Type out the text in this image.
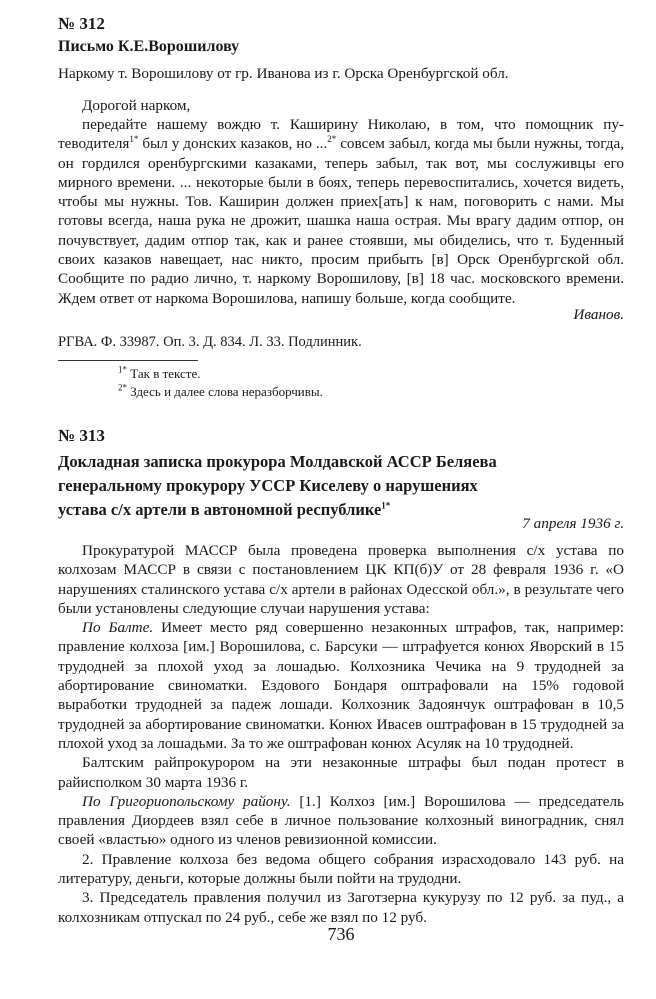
№ 312
Письмо К.Е.Ворошилову

Наркому т. Ворошилову от гр. Иванова из г. Орска Оренбургской обл.

Дорогой нарком,

передайте нашему вождю т. Каширину Николаю, в том, что помощник пу-теводителя$^{1*}$ был у донских казаков, но ...$^{2*}$ совсем забыл, когда мы были нужны, тогда, он гордился оренбургскими казаками, теперь забыл, так вот, мы сослуживцы его мирного времени. ... некоторые были в боях, теперь перевоспитались, хочется видеть, чтобы мы нужны. Тов. Каширин должен приех[ать] к нам, поговорить с нами. Мы готовы всегда, наша рука не дрожит, шашка наша острая. Мы врагу дадим отпор, он почувствует, дадим отпор так, как и ранее стоявши, мы обиделись, что т. Буденный своих казаков навещает, нас никто, просим прибыть [в] Орск Оренбургской обл. Сообщите по радио лично, т. наркому Ворошилову, [в] 18 час. московского времени. Ждем ответ от наркома Ворошилова, напишу больше, когда сообщите.

Иванов.
РГВА. Ф. 33987. Оп. 3. Д. 834. Л. 33. Подлинник.
$^{1*}$ Так в тексте.
$^{2*}$ Здесь и далее слова неразборчивы.
№ 313
Докладная записка прокурора Молдавской АССР Беляева генеральному прокурору УССР Киселеву о нарушениях устава с/х артели в автономной республике$^{1*}$
7 апреля 1936 г.

Прокуратурой МАССР была проведена проверка выполнения с/х устава по колхозам МАССР в связи с постановлением ЦК КП(б)У от 28 февраля 1936 г. «О нарушениях сталинского устава с/х артели в районах Одесской обл.», в результате чего были установлены следующие случаи нарушения устава:

По Балте. Имеет место ряд совершенно незаконных штрафов, так, например: правление колхоза [им.] Ворошилова, с. Барсуки — штрафуется конюх Яворский в 15 трудодней за плохой уход за лошадью. Колхозника Чечика на 9 трудодней за абортирование свиноматки. Ездового Бондаря оштрафовали на 15% годовой выработки трудодней за падеж лошади. Колхозник Задоянчук оштрафован в 10,5 трудодней за абортирование свиноматки. Конюх Ивасев оштрафован в 15 трудодней за плохой уход за лошадьми. За то же оштрафован конюх Асуляк на 10 трудодней.

Балтским райпрокурором на эти незаконные штрафы был подан протест в райисполком 30 марта 1936 г.

По Григориопольскому району. [1.] Колхоз [им.] Ворошилова — председатель правления Диордеев взял себе в личное пользование колхозный виноградник, снял своей «властью» одного из членов ревизионной комиссии.

2. Правление колхоза без ведома общего собрания израсходовало 143 руб. на литературу, деньги, которые должны были пойти на трудодни.

3. Председатель правления получил из Заготзерна кукурузу по 12 руб. за пуд., а колхозникам отпускал по 24 руб., себе же взял по 12 руб.

736
